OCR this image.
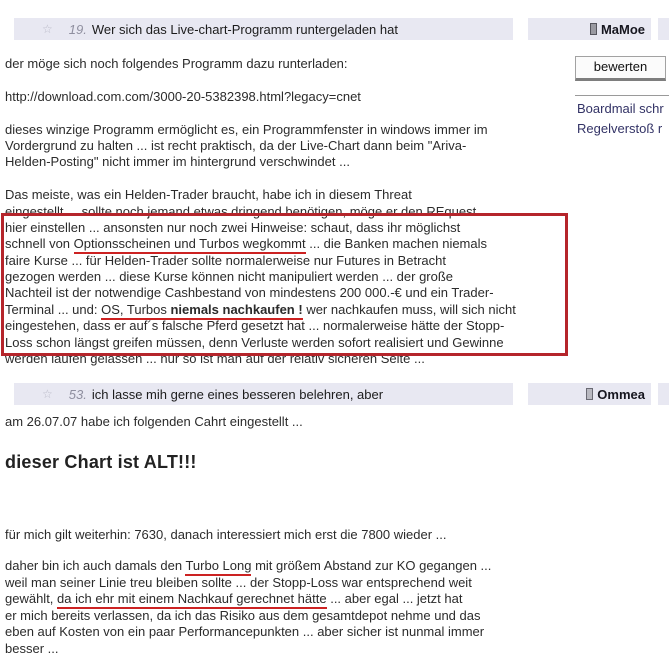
☆ 19. Wer sich das Live-chart-Programm runtergeladen hat	MaMoe
der möge sich noch folgendes Programm dazu runterladen:

http://download.com.com/3000-20-5382398.html?legacy=cnet

dieses winzige Programm ermöglicht es, ein Programmfenster in windows immer im
Vordergrund zu halten ... ist recht praktisch, da der Live-Chart dann beim "Ariva-
Helden-Posting" nicht immer im hintergrund verschwindet ...

Das meiste, was ein Helden-Trader braucht, habe ich in diesem Threat
eingestellt ... sollte noch jemand etwas dringend benötigen, möge er den REquest
hier einstellen ... ansonsten nur noch zwei Hinweise: schaut, dass ihr möglichst
schnell von Optionsscheinen und Turbos wegkommt ... die Banken machen niemals
faire Kurse ... für Helden-Trader sollte normalerweise nur Futures in Betracht
gezogen werden ... diese Kurse können nicht manipuliert werden ... der große
Nachteil ist der notwendige Cashbestand von mindestens 200 000.-€ und ein Trader-
Terminal ... und: OS, Turbos niemals nachkaufen ! wer nachkaufen muss, will sich nicht
eingestehen, dass er auf´s falsche Pferd gesetzt hat ... normalerweise hätte der Stopp-
Loss schon längst greifen müssen, denn Verluste werden sofort realisiert und Gewinne
werden laufen gelassen ... nur so ist man auf der relativ sicheren Seite ...
bewerten
Boardmail schr
Regelverstoß r
☆ 53. ich lasse mih gerne eines besseren belehren, aber	Ommea
am 26.07.07 habe ich folgenden Cahrt eingestellt ...
dieser Chart ist ALT!!!
für mich gilt weiterhin: 7630, danach interessiert mich erst die 7800 wieder ...
daher bin ich auch damals den Turbo Long mit größem Abstand zur KO gegangen ...
weil man seiner Linie treu bleiben sollte ... der Stopp-Loss war entsprechend weit
gewählt, da ich ehr mit einem Nachkauf gerechnet hätte ... aber egal ... jetzt hat
er mich bereits verlassen, da ich das Risiko aus dem gesamtdepot nehme und das
eben auf Kosten von ein paar Performancepunkten ... aber sicher ist nunmal immer
besser ...
